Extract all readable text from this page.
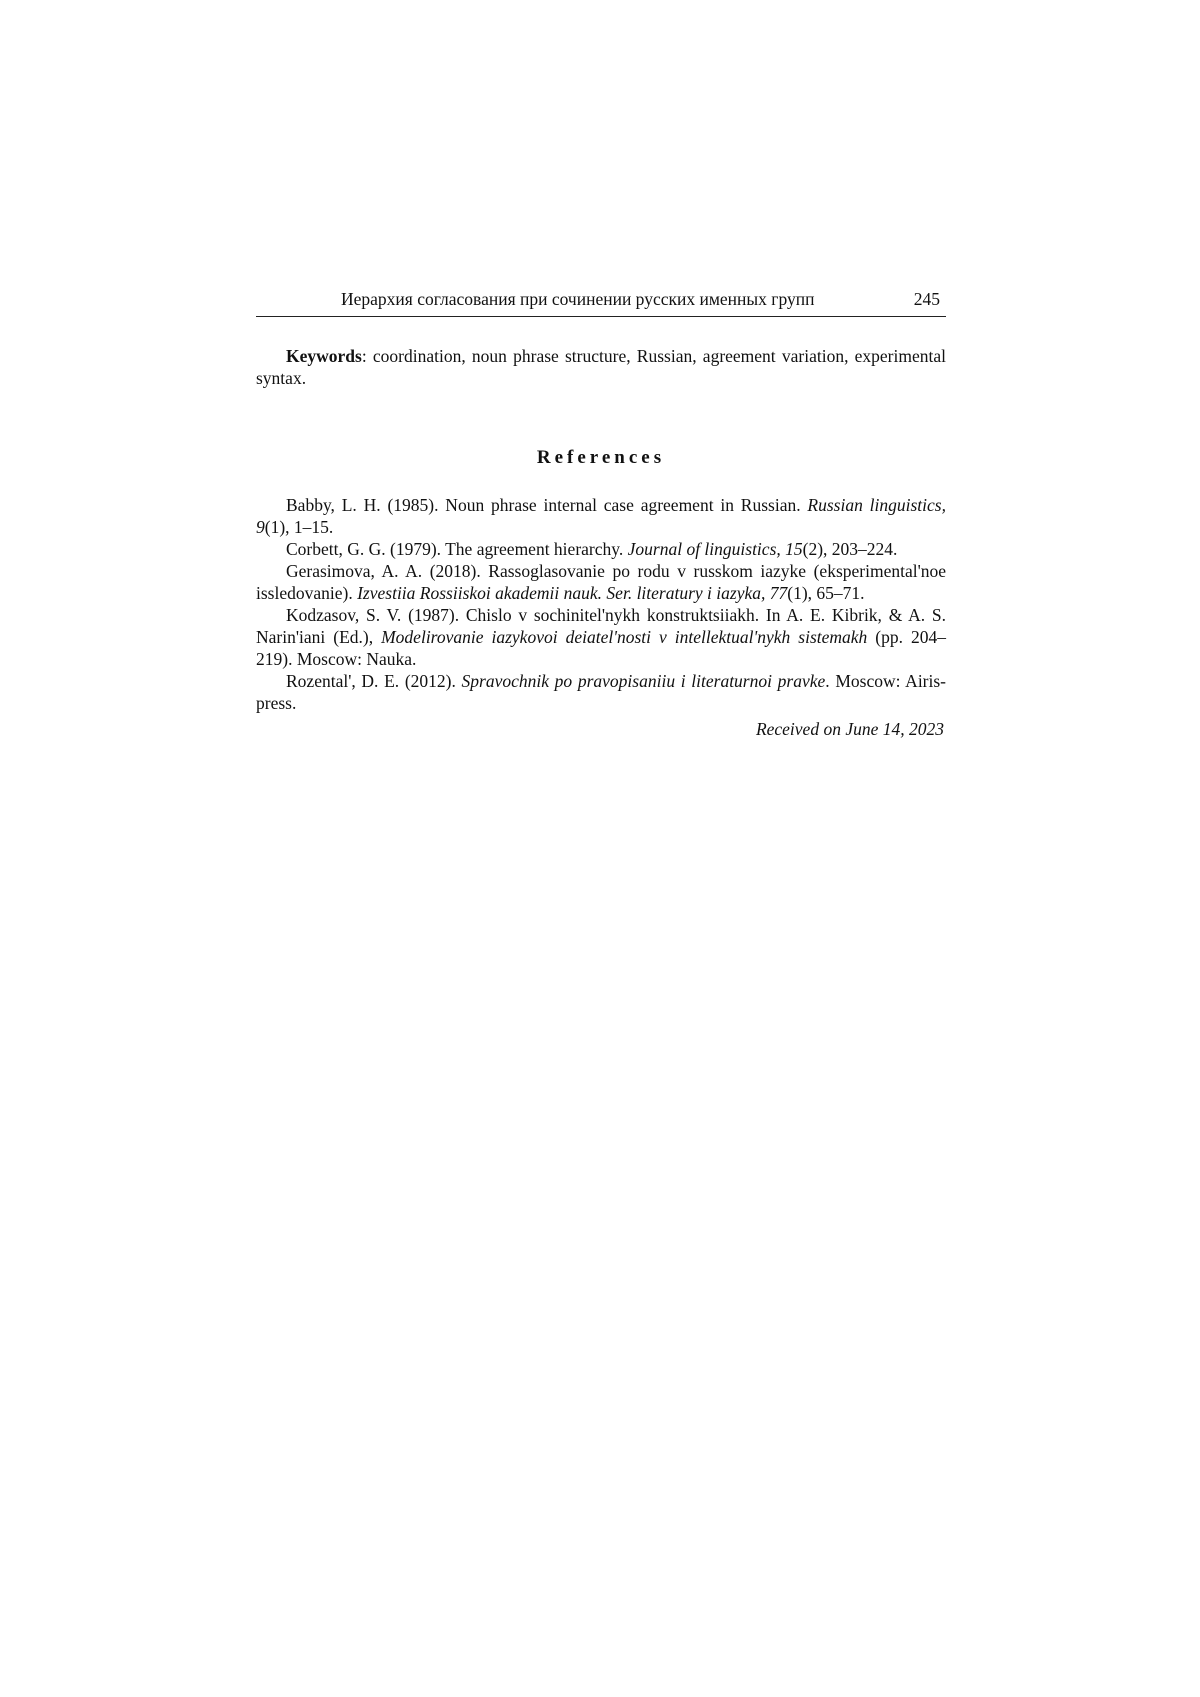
Иерархия согласования при сочинении русских именных групп	245

Keywords: coordination, noun phrase structure, Russian, agreement variation, experimental syntax.

References
Babby, L. H. (1985). Noun phrase internal case agreement in Russian. Russian linguistics, 9(1), 1–15.
Corbett, G. G. (1979). The agreement hierarchy. Journal of linguistics, 15(2), 203–224.
Gerasimova, A. A. (2018). Rassoglasovanie po rodu v russkom iazyke (eksperimental'noe issledovanie). Izvestiia Rossiiskoi akademii nauk. Ser. literatury i iazyka, 77(1), 65–71.
Kodzasov, S. V. (1987). Chislo v sochinitel'nykh konstruktsiiakh. In A. E. Kibrik, & A. S. Narin'iani (Ed.), Modelirovanie iazykovoi deiatel'nosti v intellektual'nykh sistemakh (pp. 204–219). Moscow: Nauka.
Rozental', D. E. (2012). Spravochnik po pravopisaniiu i literaturnoi pravke. Moscow: Airis-press.
Received on June 14, 2023
